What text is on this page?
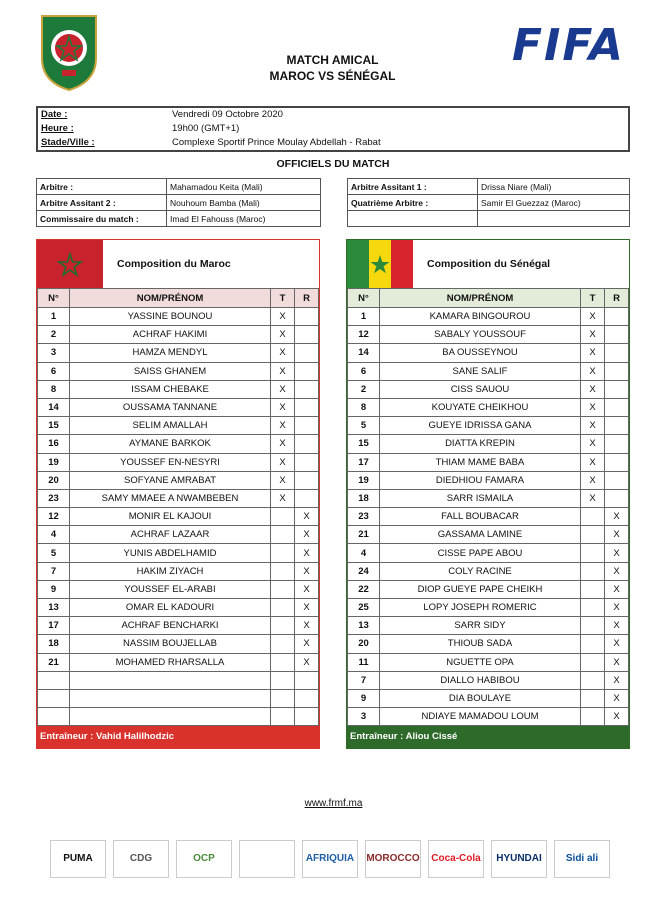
FIFA
MATCH AMICAL
MAROC VS SÉNÉGAL
Date :	Vendredi 09 Octobre 2020
Heure :	19h00 (GMT+1)
Stade/Ville :	Complexe Sportif Prince Moulay Abdellah - Rabat
OFFICIELS DU MATCH
Arbitre :	Mahamadou Keita (Mali)
Arbitre Assitant 2 :	Nouhoum Bamba (Mali)
Commissaire du match :	Imad El Fahouss (Maroc)
Arbitre Assitant 1 :	Drissa Niare (Mali)
Quatrième Arbitre :	Samir El Guezzaz (Maroc)

Composition du Maroc
N°	NOM/PRÉNOM	T	R
1	YASSINE BOUNOU	X	
2	ACHRAF HAKIMI	X	
3	HAMZA MENDYL	X	
6	SAISS GHANEM	X	
8	ISSAM CHEBAKE	X	
14	OUSSAMA TANNANE	X	
15	SELIM AMALLAH	X	
16	AYMANE BARKOK	X	
19	YOUSSEF EN-NESYRI	X	
20	SOFYANE AMRABAT	X	
23	SAMY MMAEE A NWAMBEBEN	X	
12	MONIR EL KAJOUI		X
4	ACHRAF LAZAAR		X
5	YUNIS ABDELHAMID		X
7	HAKIM ZIYACH		X
9	YOUSSEF EL-ARABI		X
13	OMAR EL KADOURI		X
17	ACHRAF BENCHARKI		X
18	NASSIM BOUJELLAB		X
21	MOHAMED RHARSALLA		X

Entraîneur : Vahid Halilhodzic
Composition du Sénégal
N°	NOM/PRÉNOM	T	R
1	KAMARA BINGOUROU	X	
12	SABALY YOUSSOUF	X	
14	BA OUSSEYNOU	X	
6	SANE SALIF	X	
2	CISS SAUOU	X	
8	KOUYATE CHEIKHOU	X	
5	GUEYE IDRISSA GANA	X	
15	DIATTA KREPIN	X	
17	THIAM MAME BABA	X	
19	DIEDHIOU FAMARA	X	
18	SARR ISMAILA	X	
23	FALL BOUBACAR		X
21	GASSAMA LAMINE		X
4	CISSE PAPE ABOU		X
24	COLY RACINE		X
22	DIOP GUEYE PAPE CHEIKH		X
25	LOPY JOSEPH ROMERIC		X
13	SARR SIDY		X
20	THIOUB SADA		X
11	NGUETTE OPA		X
7	DIALLO HABIBOU		X
9	DIA BOULAYE		X
3	NDIAYE MAMADOU LOUM		X
Entraîneur : Aliou Cissé
www.frmf.ma
PUMA	CDG	OCP	AFRIQUIA	MOROCCO	Coca-Cola	HYUNDAI	Sidi ali
